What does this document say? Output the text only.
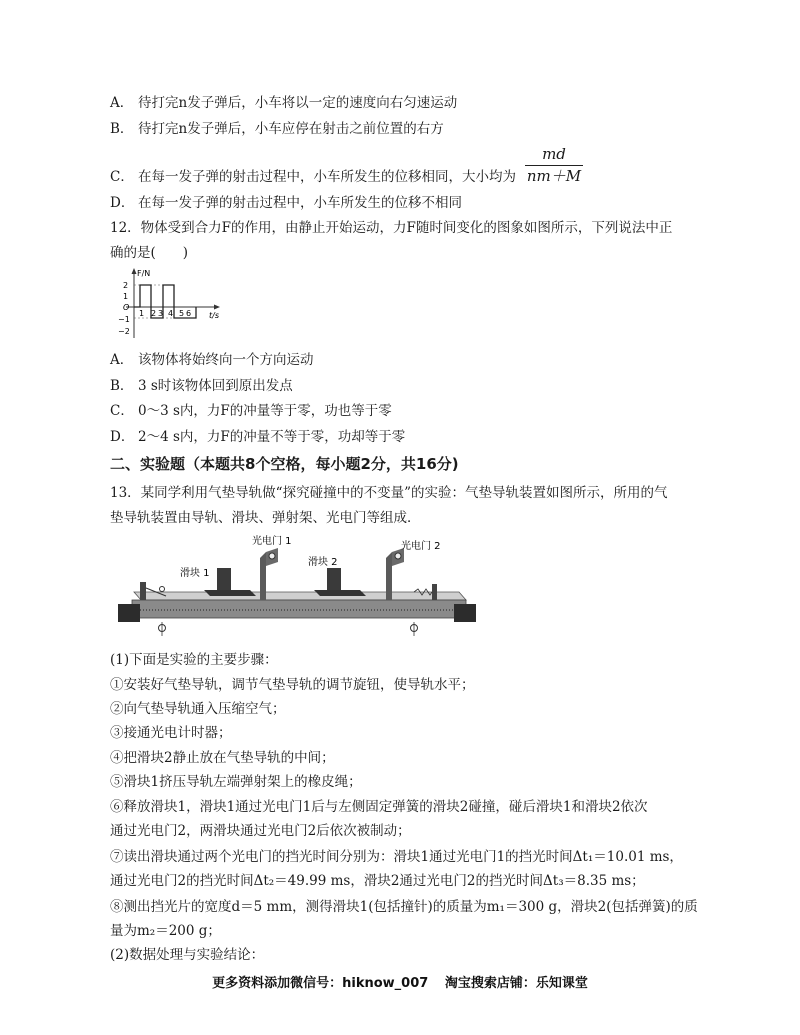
A． 待打完n发子弹后，小车将以一定的速度向右匀速运动
B． 待打完n发子弹后，小车应停在射击之前位置的右方
C． 在每一发子弹的射击过程中，小车所发生的位移相同，大小均为
md
nm＋M
D． 在每一发子弹的射击过程中，小车所发生的位移不相同
12．物体受到合力F的作用，由静止开始运动，力F随时间变化的图象如图所示，下列说法中正
确的是(　　)
F/N
t/s
2
1
O
−1
−2
1 2 3 4 5 6
A． 该物体将始终向一个方向运动
B． 3 s时该物体回到原出发点
C． 0～3 s内，力F的冲量等于零，功也等于零
D． 2～4 s内，力F的冲量不等于零，功却等于零
二、实验题（本题共8个空格，每小题2分，共16分)
13．某同学利用气垫导轨做“探究碰撞中的不变量”的实验：气垫导轨装置如图所示，所用的气
垫导轨装置由导轨、滑块、弹射架、光电门等组成．
光电门 1	光电门 2
滑块 1
滑块 2
(1)下面是实验的主要步骤：
①安装好气垫导轨，调节气垫导轨的调节旋钮，使导轨水平；
②向气垫导轨通入压缩空气；
③接通光电计时器；
④把滑块2静止放在气垫导轨的中间；
⑤滑块1挤压导轨左端弹射架上的橡皮绳；
⑥释放滑块1，滑块1通过光电门1后与左侧固定弹簧的滑块2碰撞，碰后滑块1和滑块2依次
通过光电门2，两滑块通过光电门2后依次被制动；
⑦读出滑块通过两个光电门的挡光时间分别为：滑块1通过光电门1的挡光时间Δt₁＝10.01 ms，
通过光电门2的挡光时间Δt₂＝49.99 ms，滑块2通过光电门2的挡光时间Δt₃＝8.35 ms；
⑧测出挡光片的宽度d＝5 mm，测得滑块1(包括撞针)的质量为m₁＝300 g，滑块2(包括弹簧)的质
量为m₂＝200 g；
(2)数据处理与实验结论：
更多资料添加微信号：hiknow_007 淘宝搜索店铺：乐知课堂
